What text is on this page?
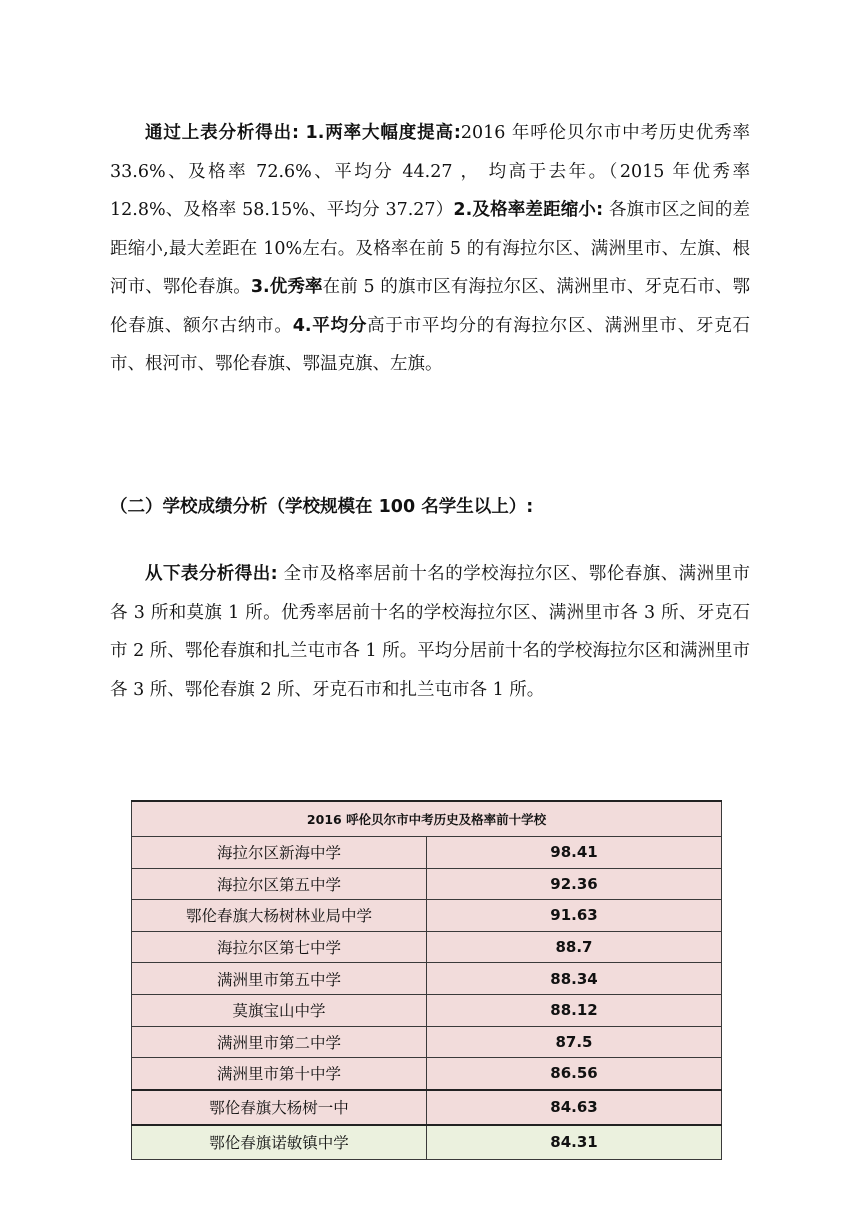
通过上表分析得出: 1.两率大幅度提高:2016 年呼伦贝尔市中考历史优秀率 33.6%、及格率 72.6%、平均分 44.27 ， 均高于去年。（2015 年优秀率 12.8%、及格率 58.15%、平均分 37.27）2.及格率差距缩小: 各旗市区之间的差距缩小,最大差距在 10%左右。及格率在前 5 的有海拉尔区、满洲里市、左旗、根河市、鄂伦春旗。3.优秀率在前 5 的旗市区有海拉尔区、满洲里市、牙克石市、鄂伦春旗、额尔古纳市。4.平均分高于市平均分的有海拉尔区、满洲里市、牙克石市、根河市、鄂伦春旗、鄂温克旗、左旗。

（二）学校成绩分析（学校规模在 100 名学生以上）:

从下表分析得出: 全市及格率居前十名的学校海拉尔区、鄂伦春旗、满洲里市各 3 所和莫旗 1 所。优秀率居前十名的学校海拉尔区、满洲里市各 3 所、牙克石市 2 所、鄂伦春旗和扎兰屯市各 1 所。平均分居前十名的学校海拉尔区和满洲里市各 3 所、鄂伦春旗 2 所、牙克石市和扎兰屯市各 1 所。

2016 呼伦贝尔市中考历史及格率前十学校	
海拉尔区新海中学	98.41
海拉尔区第五中学	92.36
鄂伦春旗大杨树林业局中学	91.63
海拉尔区第七中学	88.7
满洲里市第五中学	88.34
莫旗宝山中学	88.12
满洲里市第二中学	87.5
满洲里市第十中学	86.56
鄂伦春旗大杨树一中	84.63
鄂伦春旗诺敏镇中学	84.31
